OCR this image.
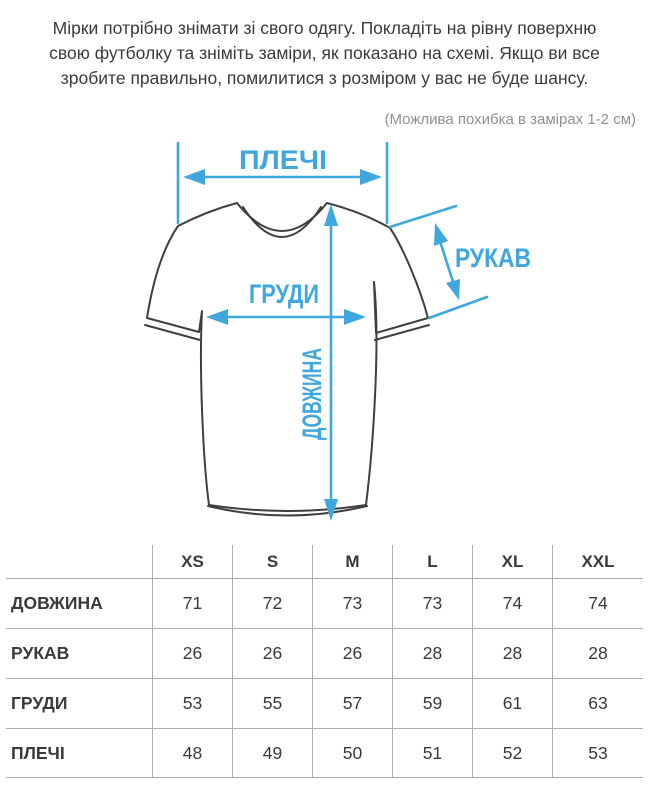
Мірки потрібно знімати зі свого одягу. Покладіть на рівну поверхню
свою футболку та зніміть заміри, як показано на схемі. Якщо ви все
зробите правильно, помилитися з розміром у вас не буде шансу.
(Можлива похибка в замірах 1-2 см)
ПЛЕЧІ
ДОВЖИНА
ГРУДИ
РУКАВ
XS	S	M	L	XL	XXL
ДОВЖИНА	71	72	73	73	74	74
РУКАВ	26	26	26	28	28	28
ГРУДИ	53	55	57	59	61	63
ПЛЕЧІ	48	49	50	51	52	53
